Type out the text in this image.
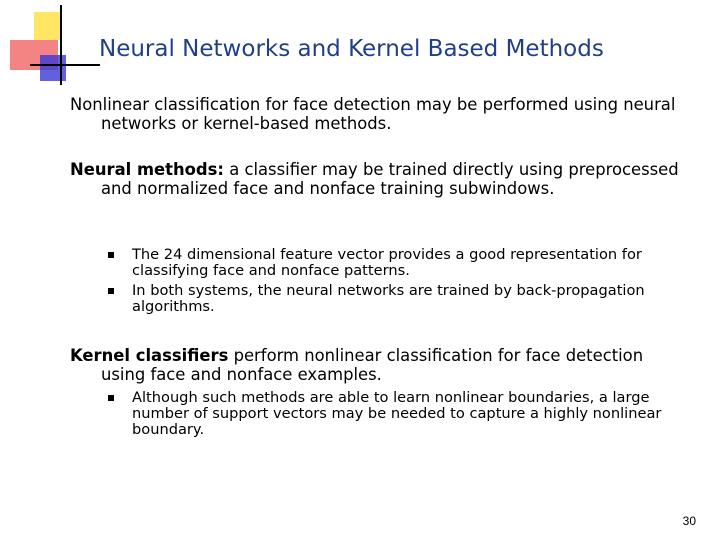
Neural Networks and Kernel Based Methods

Nonlinear classification for face detection may be performed using neural networks or kernel-based methods.

Neural methods: a classifier may be trained directly using preprocessed and normalized face and nonface training subwindows.

The 24 dimensional feature vector provides a good representation for classifying face and nonface patterns.
In both systems, the neural networks are trained by back-propagation algorithms.

Kernel classifiers perform nonlinear classification for face detection using face and nonface examples.

Although such methods are able to learn nonlinear boundaries, a large number of support vectors may be needed to capture a highly nonlinear boundary.
30
